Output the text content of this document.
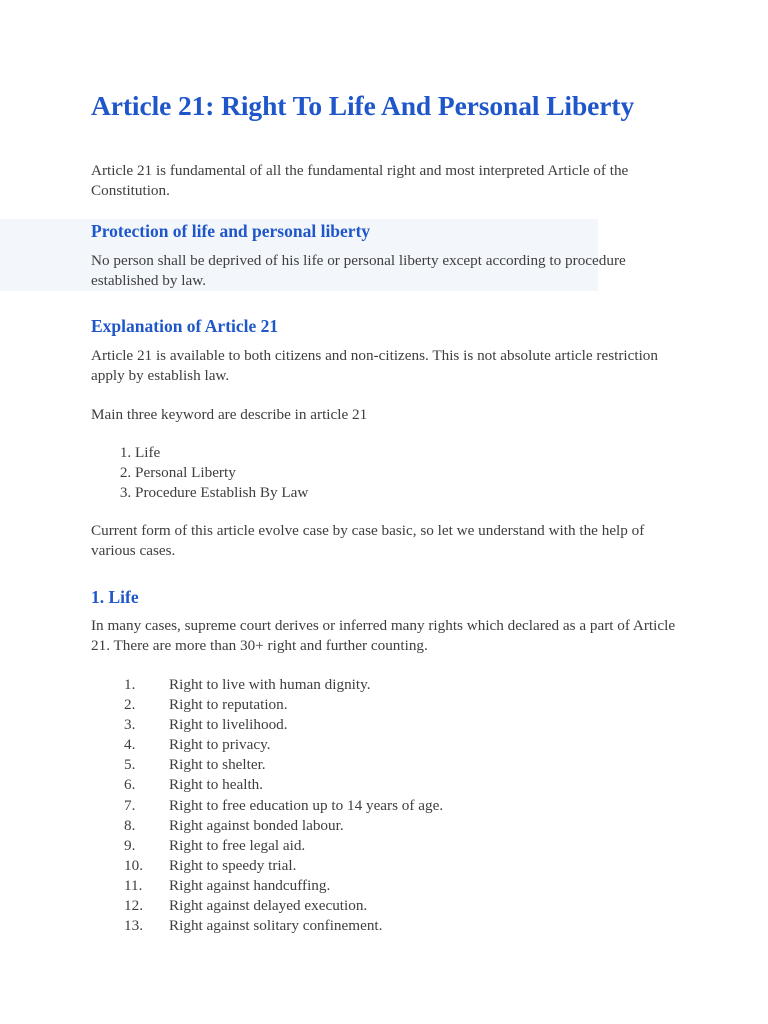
Article 21: Right To Life And Personal Liberty

Article 21 is fundamental of all the fundamental right and most interpreted Article of the Constitution.

Protection of life and personal liberty

No person shall be deprived of his life or personal liberty except according to procedure established by law.

Explanation of Article 21

Article 21 is available to both citizens and non-citizens. This is not absolute article restriction apply by establish law.

Main three keyword are describe in article 21

1. Life
2. Personal Liberty
3. Procedure Establish By Law

Current form of this article evolve case by case basic, so let we understand with the help of various cases.

1. Life

In many cases, supreme court derives or inferred many rights which declared as a part of Article 21. There are more than 30+ right and further counting.

1.	Right to live with human dignity.
2.	Right to reputation.
3.	Right to livelihood.
4.	Right to privacy.
5.	Right to shelter.
6.	Right to health.
7.	Right to free education up to 14 years of age.
8.	Right against bonded labour.
9.	Right to free legal aid.
10.	Right to speedy trial.
11.	Right against handcuffing.
12.	Right against delayed execution.
13.	Right against solitary confinement.
